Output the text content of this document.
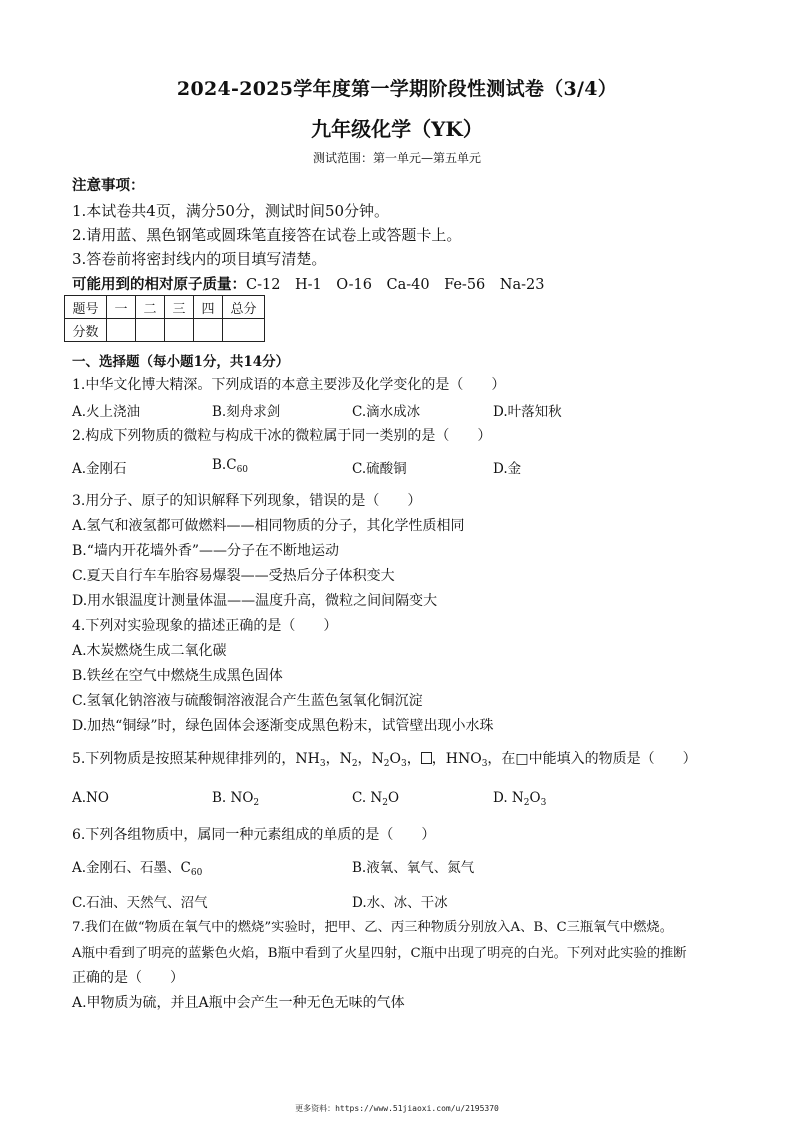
2024-2025学年度第一学期阶段性测试卷（3/4）
九年级化学（YK）
测试范围：第一单元—第五单元
注意事项：
1.本试卷共4页，满分50分，测试时间50分钟。
2.请用蓝、黑色钢笔或圆珠笔直接答在试卷上或答题卡上。
3.答卷前将密封线内的项目填写清楚。
可能用到的相对原子质量：C-12　H-1　O-16　Ca-40　Fe-56　Na-23
题号	一	二	三	四	总分
分数					
一、选择题（每小题1分，共14分）
1.中华文化博大精深。下列成语的本意主要涉及化学变化的是（　　）
A.火上浇油	B.刻舟求剑	C.滴水成冰	D.叶落知秋
2.构成下列物质的微粒与构成干冰的微粒属于同一类别的是（　　）
A.金刚石	$B.C_{60}$	C.硫酸铜	D.金
3.用分子、原子的知识解释下列现象，错误的是（　　）
A.氢气和液氢都可做燃料——相同物质的分子，其化学性质相同
B.“墙内开花墙外香”——分子在不断地运动
C.夏天自行车车胎容易爆裂——受热后分子体积变大
D.用水银温度计测量体温——温度升高，微粒之间间隔变大
4.下列对实验现象的描述正确的是（　　）
A.木炭燃烧生成二氧化碳
B.铁丝在空气中燃烧生成黑色固体
C.氢氧化钠溶液与硫酸铜溶液混合产生蓝色氢氧化铜沉淀
D.加热“铜绿”时，绿色固体会逐渐变成黑色粉末，试管壁出现小水珠
5.下列物质是按照某种规律排列的，$NH_3$，$N_2$，$N_2O_3$， ，$HNO_3$，在□中能填入的物质是（　　）
A.NO	B. $NO_2$	C. $N_2O$	D. $N_2O_3$
6.下列各组物质中，属同一种元素组成的单质的是（　　）
A.金刚石、石墨、$C_{60}$	B.液氧、氧气、氮气
C.石油、天然气、沼气	D.水、冰、干冰
7.我们在做“物质在氧气中的燃烧”实验时，把甲、乙、丙三种物质分别放入A、B、C三瓶氧气中燃烧。
A瓶中看到了明亮的蓝紫色火焰，B瓶中看到了火星四射，C瓶中出现了明亮的白光。下列对此实验的推断
正确的是（　　）
A.甲物质为硫，并且A瓶中会产生一种无色无味的气体
更多资料：https://www.51jiaoxi.com/u/2195370
